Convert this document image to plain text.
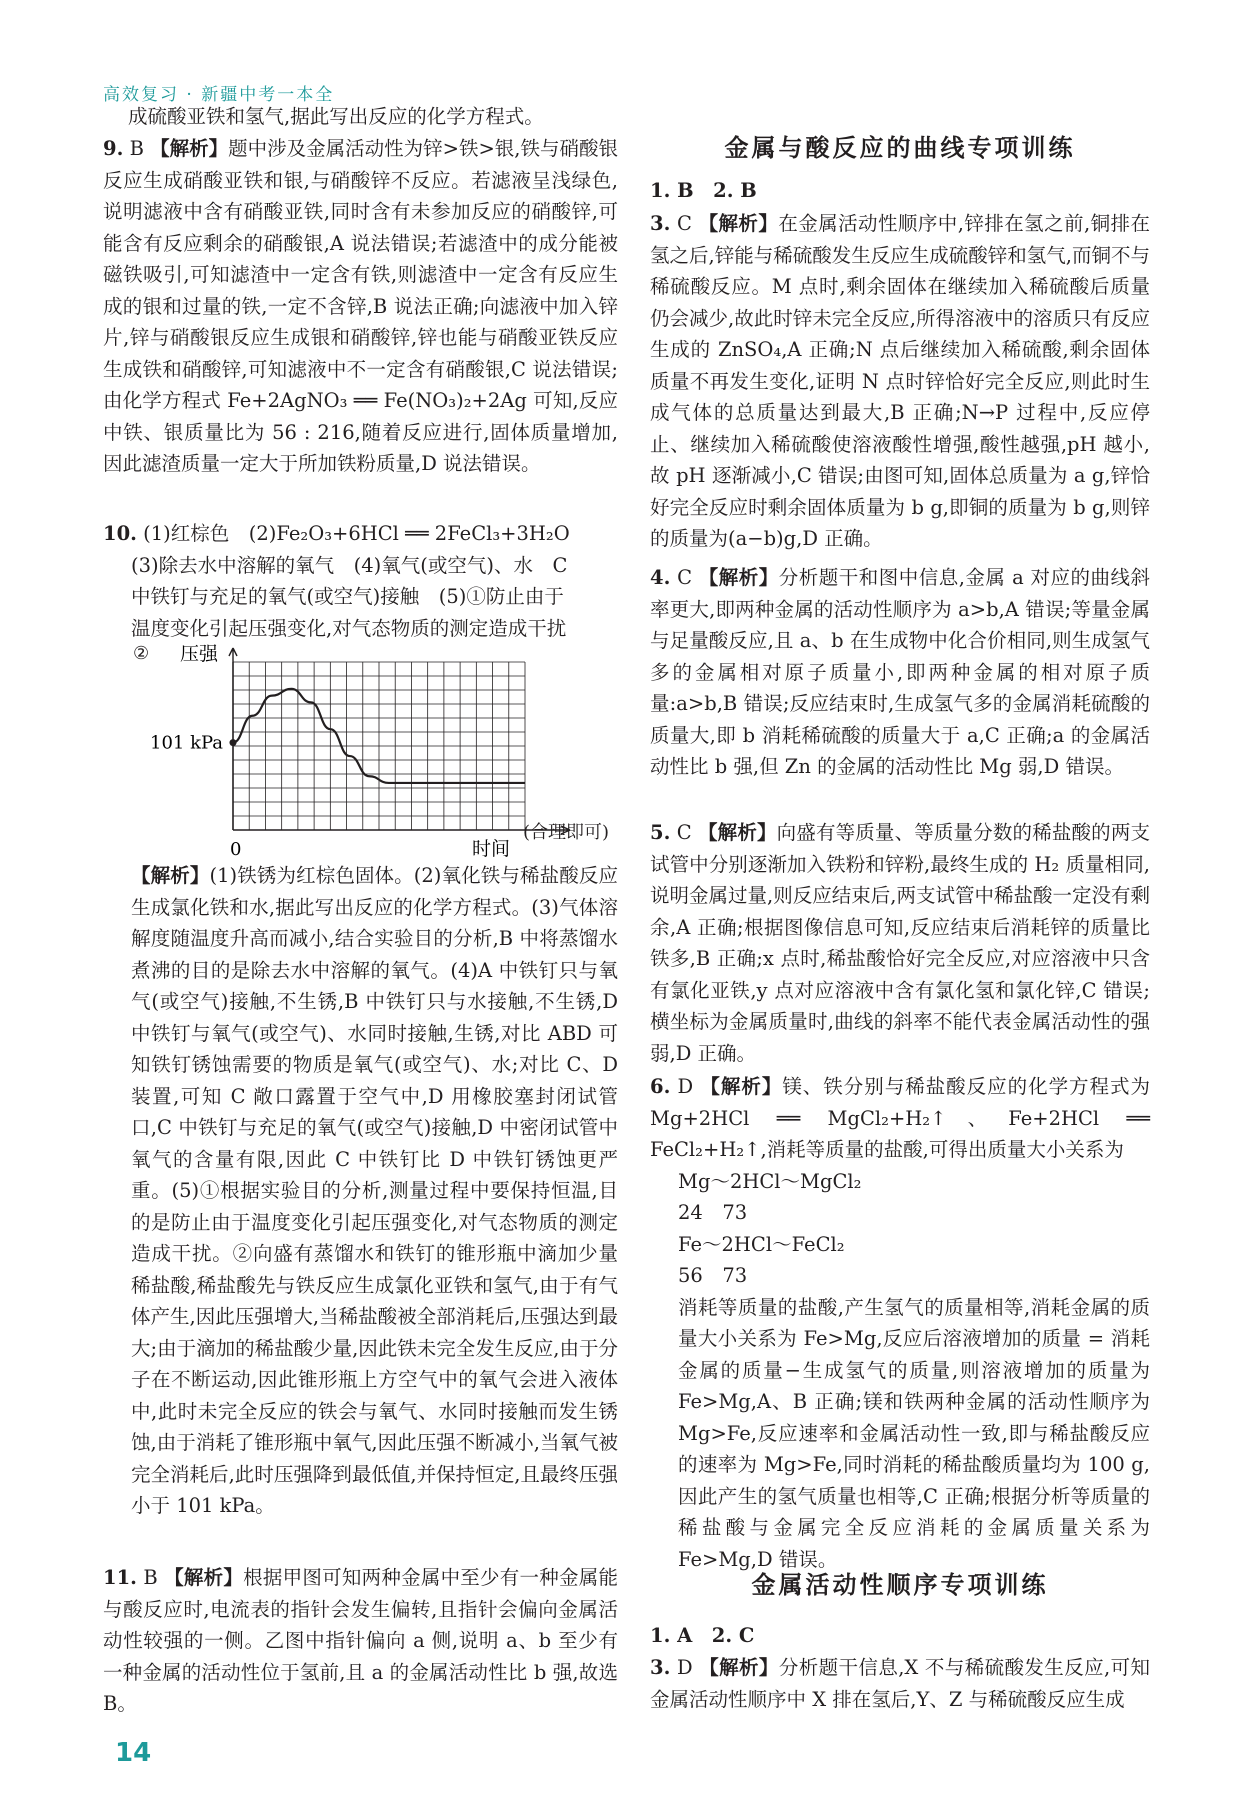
高效复习 · 新疆中考一本全
成硫酸亚铁和氢气,据此写出反应的化学方程式。
9. B 【解析】题中涉及金属活动性为锌>铁>银,铁与硝酸银反应生成硝酸亚铁和银,与硝酸锌不反应。若滤液呈浅绿色,说明滤液中含有硝酸亚铁,同时含有未参加反应的硝酸锌,可能含有反应剩余的硝酸银,A 说法错误;若滤渣中的成分能被磁铁吸引,可知滤渣中一定含有铁,则滤渣中一定含有反应生成的银和过量的铁,一定不含锌,B 说法正确;向滤液中加入锌片,锌与硝酸银反应生成银和硝酸锌,锌也能与硝酸亚铁反应生成铁和硝酸锌,可知滤液中不一定含有硝酸银,C 说法错误;由化学方程式 Fe+2AgNO₃ ══ Fe(NO₃)₂+2Ag 可知,反应中铁、银质量比为 56 : 216,随着反应进行,固体质量增加,因此滤渣质量一定大于所加铁粉质量,D 说法错误。
10. (1)红棕色　(2)Fe₂O₃+6HCl ══ 2FeCl₃+3H₂O
(3)除去水中溶解的氧气　(4)氧气(或空气)、水　C
中铁钉与充足的氧气(或空气)接触　(5)①防止由于
温度变化引起压强变化,对气态物质的测定造成干扰
② 压强
101 kPa
0	时间
(合理即可)
【解析】(1)铁锈为红棕色固体。(2)氧化铁与稀盐酸反应生成氯化铁和水,据此写出反应的化学方程式。(3)气体溶解度随温度升高而减小,结合实验目的分析,B 中将蒸馏水煮沸的目的是除去水中溶解的氧气。(4)A 中铁钉只与氧气(或空气)接触,不生锈,B 中铁钉只与水接触,不生锈,D 中铁钉与氧气(或空气)、水同时接触,生锈,对比 ABD 可知铁钉锈蚀需要的物质是氧气(或空气)、水;对比 C、D 装置,可知 C 敞口露置于空气中,D 用橡胶塞封闭试管口,C 中铁钉与充足的氧气(或空气)接触,D 中密闭试管中氧气的含量有限,因此 C 中铁钉比 D 中铁钉锈蚀更严重。(5)①根据实验目的分析,测量过程中要保持恒温,目的是防止由于温度变化引起压强变化,对气态物质的测定造成干扰。②向盛有蒸馏水和铁钉的锥形瓶中滴加少量稀盐酸,稀盐酸先与铁反应生成氯化亚铁和氢气,由于有气体产生,因此压强增大,当稀盐酸被全部消耗后,压强达到最大;由于滴加的稀盐酸少量,因此铁未完全发生反应,由于分子在不断运动,因此锥形瓶上方空气中的氧气会进入液体中,此时未完全反应的铁会与氧气、水同时接触而发生锈蚀,由于消耗了锥形瓶中氧气,因此压强不断减小,当氧气被完全消耗后,此时压强降到最低值,并保持恒定,且最终压强小于 101 kPa。
11. B 【解析】根据甲图可知两种金属中至少有一种金属能与酸反应时,电流表的指针会发生偏转,且指针会偏向金属活动性较强的一侧。乙图中指针偏向 a 侧,说明 a、b 至少有一种金属的活动性位于氢前,且 a 的金属活动性比 b 强,故选 B。
金属与酸反应的曲线专项训练
1. B　2. B
3. C 【解析】在金属活动性顺序中,锌排在氢之前,铜排在氢之后,锌能与稀硫酸发生反应生成硫酸锌和氢气,而铜不与稀硫酸反应。M 点时,剩余固体在继续加入稀硫酸后质量仍会减少,故此时锌未完全反应,所得溶液中的溶质只有反应生成的 ZnSO₄,A 正确;N 点后继续加入稀硫酸,剩余固体质量不再发生变化,证明 N 点时锌恰好完全反应,则此时生成气体的总质量达到最大,B 正确;N→P 过程中,反应停止、继续加入稀硫酸使溶液酸性增强,酸性越强,pH 越小,故 pH 逐渐减小,C 错误;由图可知,固体总质量为 a g,锌恰好完全反应时剩余固体质量为 b g,即铜的质量为 b g,则锌的质量为(a−b)g,D 正确。
4. C 【解析】分析题干和图中信息,金属 a 对应的曲线斜率更大,即两种金属的活动性顺序为 a>b,A 错误;等量金属与足量酸反应,且 a、b 在生成物中化合价相同,则生成氢气多的金属相对原子质量小,即两种金属的相对原子质量:a>b,B 错误;反应结束时,生成氢气多的金属消耗硫酸的质量大,即 b 消耗稀硫酸的质量大于 a,C 正确;a 的金属活动性比 b 强,但 Zn 的金属的活动性比 Mg 弱,D 错误。
5. C 【解析】向盛有等质量、等质量分数的稀盐酸的两支试管中分别逐渐加入铁粉和锌粉,最终生成的 H₂ 质量相同,说明金属过量,则反应结束后,两支试管中稀盐酸一定没有剩余,A 正确;根据图像信息可知,反应结束后消耗锌的质量比铁多,B 正确;x 点时,稀盐酸恰好完全反应,对应溶液中只含有氯化亚铁,y 点对应溶液中含有氯化氢和氯化锌,C 错误;横坐标为金属质量时,曲线的斜率不能代表金属活动性的强弱,D 正确。
6. D 【解析】镁、铁分别与稀盐酸反应的化学方程式为 Mg+2HCl ══ MgCl₂+H₂↑、Fe+2HCl ══ FeCl₂+H₂↑,消耗等质量的盐酸,可得出质量大小关系为
Mg～2HCl～MgCl₂
24　73
Fe～2HCl～FeCl₂
56　73
消耗等质量的盐酸,产生氢气的质量相等,消耗金属的质量大小关系为 Fe>Mg,反应后溶液增加的质量 = 消耗金属的质量−生成氢气的质量,则溶液增加的质量为 Fe>Mg,A、B 正确;镁和铁两种金属的活动性顺序为 Mg>Fe,反应速率和金属活动性一致,即与稀盐酸反应的速率为 Mg>Fe,同时消耗的稀盐酸质量均为 100 g,因此产生的氢气质量也相等,C 正确;根据分析等质量的稀盐酸与金属完全反应消耗的金属质量关系为 Fe>Mg,D 错误。
金属活动性顺序专项训练
1. A　2. C
3. D 【解析】分析题干信息,X 不与稀硫酸发生反应,可知金属活动性顺序中 X 排在氢后,Y、Z 与稀硫酸反应生成
14
